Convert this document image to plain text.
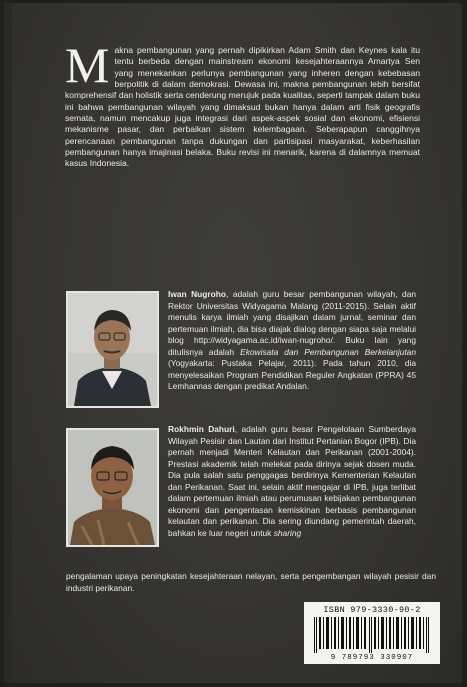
Makna pembangunan yang pernah dipikirkan Adam Smith dan Keynes kala itu tentu berbeda dengan mainstream ekonomi kesejahteraannya Amartya Sen yang menekankan perlunya pembangunan yang inheren dengan kebebasan berpolitik di dalam demokrasi. Dewasa ini, makna pembangunan lebih bersifat komprehensif dan holistik serta cenderung merujuk pada kualitas, seperti tampak dalam buku ini bahwa pembangunan wilayah yang dimaksud bukan hanya dalam arti fisik geografis semata, namun mencakup juga integrasi dari aspek-aspek sosial dan ekonomi, efisiensi mekanisme pasar, dan perbaikan sistem kelembagaan. Seberapapun canggihnya perencanaan pembangunan tanpa dukungan dan partisipasi masyarakat, keberhasilan pembangunan hanya imajinasi belaka. Buku revisi ini menarik, karena di dalamnya memuat kasus Indonesia.
Iwan Nugroho, adalah guru besar pembangunan wilayah, dan Rektor Universitas Widyagama Malang (2011-2015). Selain aktif menulis karya ilmiah yang disajikan dalam jurnal, seminar dan pertemuan ilmiah, dia bisa diajak dialog dengan siapa saja melalui blog http://widyagama.ac.id/iwan-nugroho/. Buku lain yang ditulisnya adalah Ekowisata dan Pembangunan Berkelanjutan (Yogyakarta: Pustaka Pelajar, 2011). Pada tahun 2010, dia menyelesaikan Program Pendidikan Reguler Angkatan (PPRA) 45 Lemhannas dengan predikat Andalan.
Rokhmin Dahuri, adalah guru besar Pengelolaan Sumberdaya Wilayah Pesisir dan Lautan dari Institut Pertanian Bogor (IPB). Dia pernah menjadi Menteri Kelautan dan Perikanan (2001-2004). Prestasi akademik telah melekat pada dirinya sejak dosen muda. Dia pula salah satu penggagas berdirinya Kementerian Kelautan dan Perikanan. Saat ini, selain aktif mengajar di IPB, juga terlibat dalam pertemuan ilmiah atau perumusan kebijakan pembangunan ekonomi dan pengentasan kemiskinan berbasis pembangunan kelautan dan perikanan. Dia sering diundang pemerintah daerah, bahkan ke luar negeri untuk sharing
pengalaman upaya peningkatan kesejahteraan nelayan, serta pengembangan wilayah pesisir dan industri perikanan.
ISBN 979-3330-90-2
9 789793 330907
